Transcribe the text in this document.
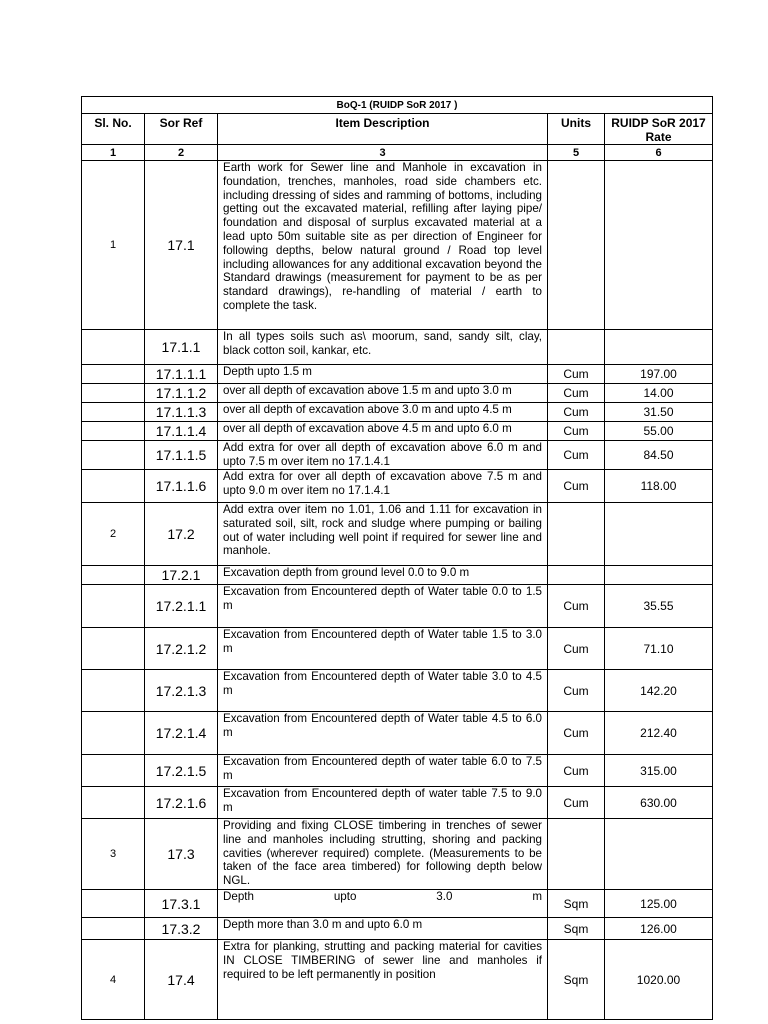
BoQ-1 (RUIDP SoR 2017 )				
Sl. No.	Sor Ref	Item Description	Units	RUIDP SoR 2017 Rate
1	2	3	5	6
1	17.1	Earth work for Sewer line and Manhole in excavation in foundation, trenches, manholes, road side chambers etc. including dressing of sides and ramming of bottoms, including getting out the excavated material, refilling after laying pipe/ foundation and disposal of surplus excavated material at a lead upto 50m suitable site as per direction of Engineer for following depths, below natural ground / Road top level including allowances for any additional excavation beyond the Standard drawings (measurement for payment to be as per standard drawings), re-handling of material / earth to complete the task.		
	17.1.1	In all types soils such as\ moorum, sand, sandy silt, clay, black cotton soil, kankar, etc.		
	17.1.1.1	Depth upto 1.5 m	Cum	197.00
	17.1.1.2	over all depth of excavation above 1.5 m and upto 3.0 m	Cum	14.00
	17.1.1.3	over all depth of excavation above 3.0 m and upto 4.5 m	Cum	31.50
	17.1.1.4	over all depth of excavation above 4.5 m and upto 6.0 m	Cum	55.00
	17.1.1.5	Add extra for over all depth of excavation above 6.0 m and upto 7.5 m over item no 17.1.4.1	Cum	84.50
	17.1.1.6	Add extra for over all depth of excavation above 7.5 m and upto 9.0 m over item no 17.1.4.1	Cum	118.00
2	17.2	Add extra over item no 1.01, 1.06 and 1.11 for excavation in saturated soil, silt, rock and sludge where pumping or bailing out of water including well point if required for sewer line and manhole.		
	17.2.1	Excavation depth from ground level 0.0 to 9.0 m		
	17.2.1.1	Excavation from Encountered depth of Water table 0.0 to 1.5 m	Cum	35.55
	17.2.1.2	Excavation from Encountered depth of Water table 1.5 to 3.0 m	Cum	71.10
	17.2.1.3	Excavation from Encountered depth of Water table 3.0 to 4.5 m	Cum	142.20
	17.2.1.4	Excavation from Encountered depth of Water table 4.5 to 6.0 m	Cum	212.40
	17.2.1.5	Excavation from Encountered depth of water table 6.0 to 7.5 m	Cum	315.00
	17.2.1.6	Excavation from Encountered depth of water table 7.5 to 9.0 m	Cum	630.00
3	17.3	Providing and fixing CLOSE timbering in trenches of sewer line and manholes including strutting, shoring and packing cavities (wherever required) complete. (Measurements to be taken of the face area timbered) for following depth below NGL.		
	17.3.1	Depth upto 3.0 m	Sqm	125.00
	17.3.2	Depth more than 3.0 m and upto 6.0 m	Sqm	126.00
4	17.4	Extra for planking, strutting and packing material for cavities IN CLOSE TIMBERING of sewer line and manholes if required to be left permanently in position	Sqm	1020.00
